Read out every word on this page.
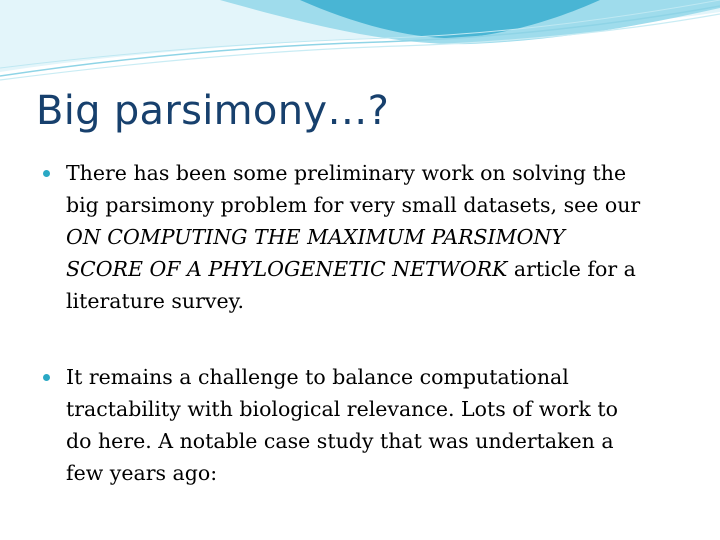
Big parsimony…?

There has been some preliminary work on solving the
big parsimony problem for very small datasets, see our
ON COMPUTING THE MAXIMUM PARSIMONY
SCORE OF A PHYLOGENETIC NETWORK article for a
literature survey.

It remains a challenge to balance computational
tractability with biological relevance. Lots of work to
do here. A notable case study that was undertaken a
few years ago:
